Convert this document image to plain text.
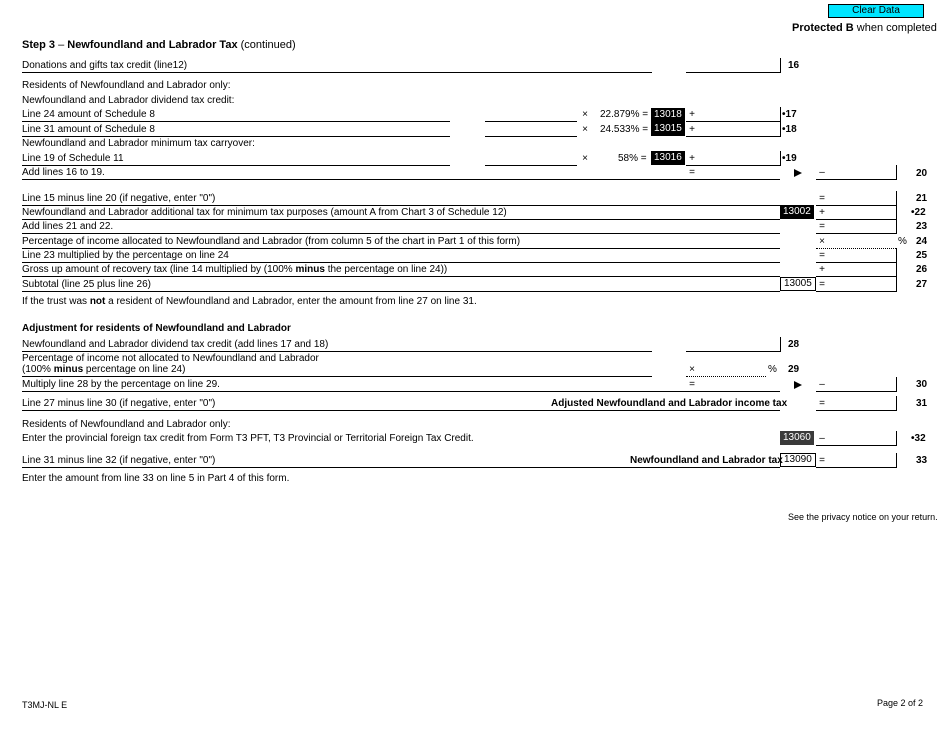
Clear Data
Protected B when completed
Step 3 – Newfoundland and Labrador Tax (continued)
Donations and gifts tax credit (line12)	16
Residents of Newfoundland and Labrador only:
Newfoundland and Labrador dividend tax credit:
Line 24 amount of Schedule 8	×	22.879% = 13018 +	•17
Line 31 amount of Schedule 8	×	24.533% = 13015 +	•18
Newfoundland and Labrador minimum tax carryover:
Line 19 of Schedule 11	×	58% = 13016 +	•19
Add lines 16 to 19.	=	–	20
Line 15 minus line 20 (if negative, enter "0")	=	21
Newfoundland and Labrador additional tax for minimum tax purposes (amount A from Chart 3 of Schedule 12)	13002 +	•22
Add lines 21 and 22.	=	23
Percentage of income allocated to Newfoundland and Labrador (from column 5 of the chart in Part 1 of this form)	×	% 24
Line 23 multiplied by the percentage on line 24	=	25
Gross up amount of recovery tax (line 14 multiplied by (100% minus the percentage on line 24))	+	26
Subtotal (line 25 plus line 26)	13005 =	27
If the trust was not a resident of Newfoundland and Labrador, enter the amount from line 27 on line 31.
Adjustment for residents of Newfoundland and Labrador
Newfoundland and Labrador dividend tax credit (add lines 17 and 18)	28
Percentage of income not allocated to Newfoundland and Labrador
(100% minus percentage on line 24)	×	% 29
Multiply line 28 by the percentage on line 29.	=	–	30
Line 27 minus line 30 (if negative, enter "0")	Adjusted Newfoundland and Labrador income tax	=	31
Residents of Newfoundland and Labrador only:
Enter the provincial foreign tax credit from Form T3 PFT, T3 Provincial or Territorial Foreign Tax Credit.	13060 –	•32
Line 31 minus line 32 (if negative, enter "0")	Newfoundland and Labrador tax 13090 =	33
Enter the amount from line 33 on line 5 in Part 4 of this form.
See the privacy notice on your return.
T3MJ-NL E	Page 2 of 2
